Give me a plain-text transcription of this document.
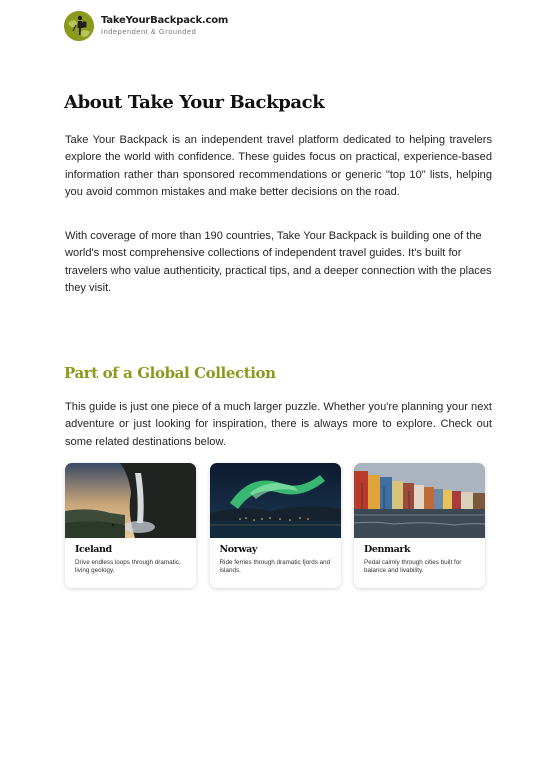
TakeYourBackpack.com
Independent & Grounded
About Take Your Backpack

Take Your Backpack is an independent travel platform dedicated to helping travelers explore the world with confidence. These guides focus on practical, experience-based information rather than sponsored recommendations or generic "top 10" lists, helping you avoid common mistakes and make better decisions on the road.

With coverage of more than 190 countries, Take Your Backpack is building one of the world's most comprehensive collections of independent travel guides. It's built for travelers who value authenticity, practical tips, and a deeper connection with the places they visit.

Part of a Global Collection

This guide is just one piece of a much larger puzzle. Whether you're planning your next adventure or just looking for inspiration, there is always more to explore. Check out some related destinations below.

Iceland
Drive endless loops through dramatic, living geology.
Norway
Ride ferries through dramatic fjords and islands.
Denmark
Pedal calmly through cities built for balance and livability.
